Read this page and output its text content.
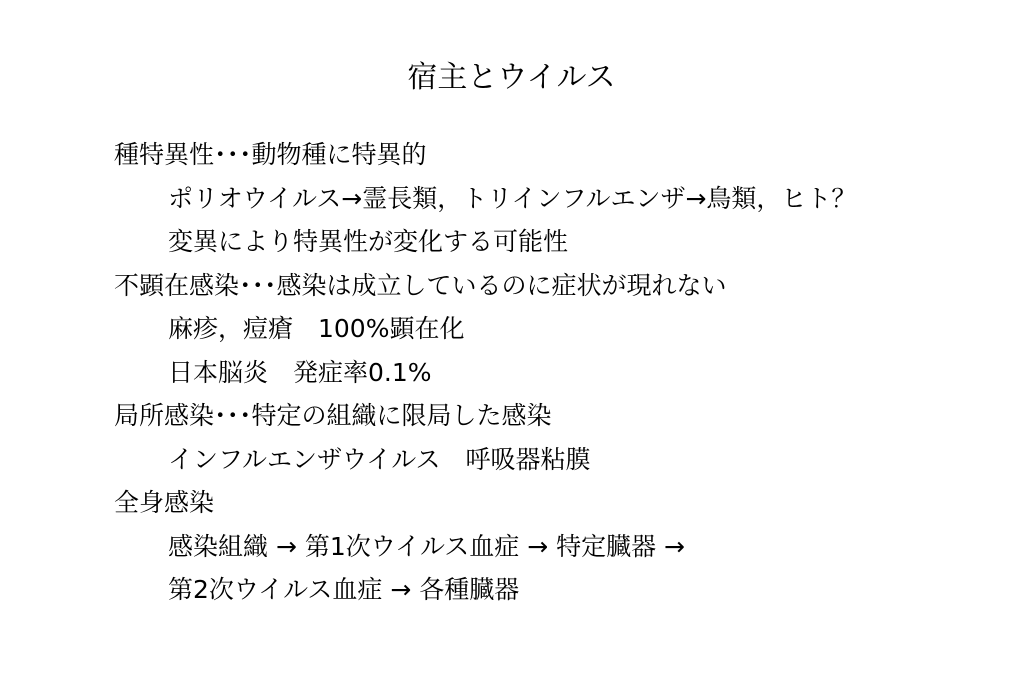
宿主とウイルス
種特異性･･･動物種に特異的
ポリオウイルス→霊長類，トリインフルエンザ→鳥類，ヒト？
変異により特異性が変化する可能性
不顕在感染･･･感染は成立しているのに症状が現れない
麻疹，痘瘡　100%顕在化
日本脳炎　発症率0.1%
局所感染･･･特定の組織に限局した感染
インフルエンザウイルス　呼吸器粘膜
全身感染
感染組織 → 第1次ウイルス血症 → 特定臓器 →
第2次ウイルス血症 → 各種臓器
